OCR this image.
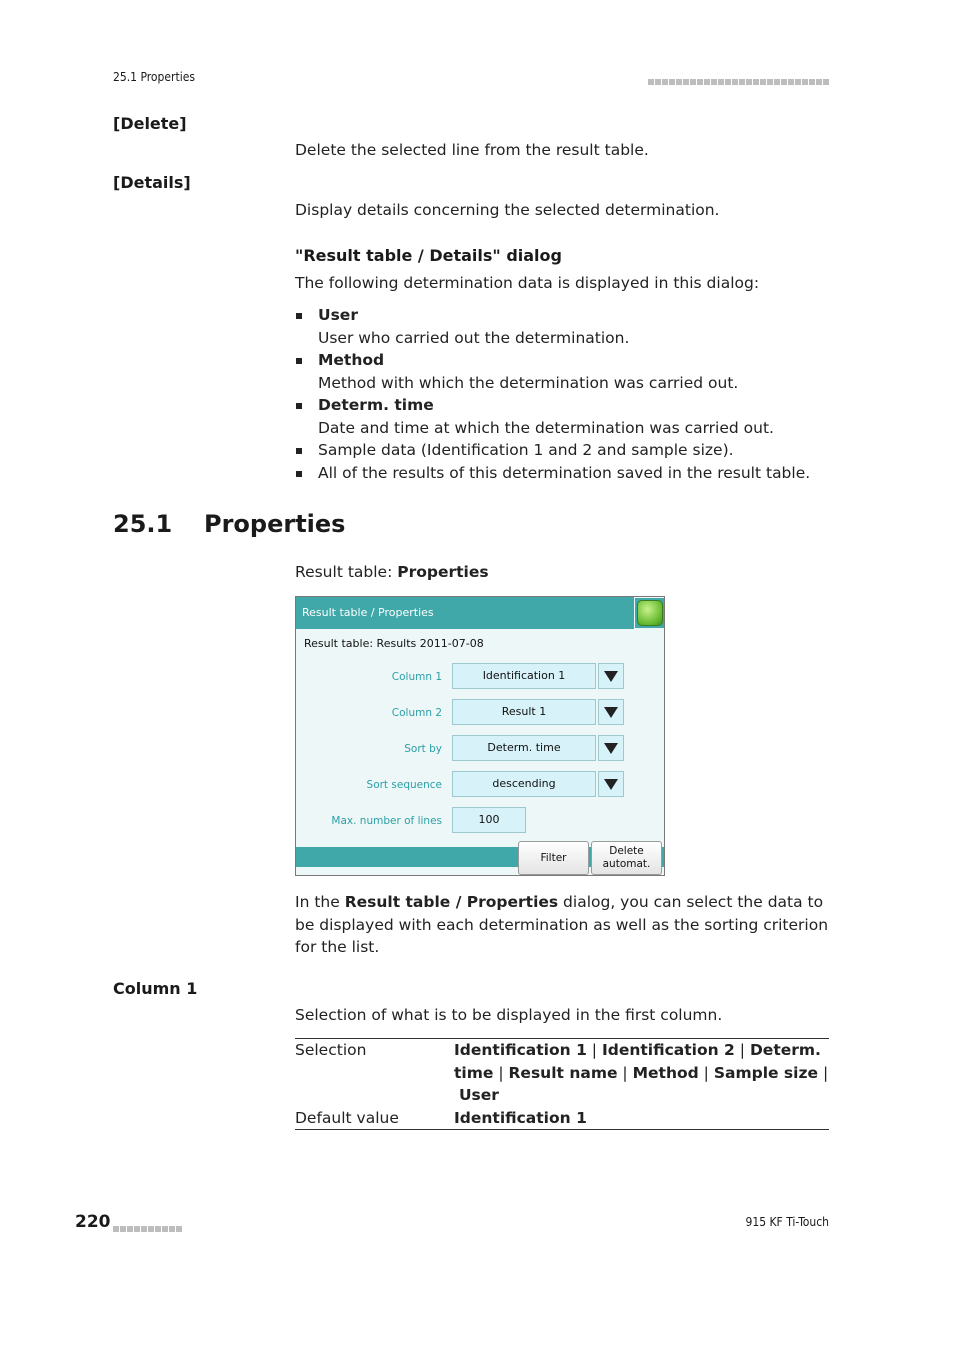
25.1 Properties
[Delete]
Delete the selected line from the result table.
[Details]
Display details concerning the selected determination.
"Result table / Details" dialog
The following determination data is displayed in this dialog:
User
User who carried out the determination.
Method
Method with which the determination was carried out.
Determ. time
Date and time at which the determination was carried out.
Sample data (Identification 1 and 2 and sample size).
All of the results of this determination saved in the result table.
25.1 Properties
Result table: Properties
Result table / Properties
Result table: Results 2011-07-08
Column 1	Identification 1
Column 2	Result 1
Sort by	Determ. time
Sort sequence	descending
Max. number of lines	100
Filter
Delete
automat.
In the Result table / Properties dialog, you can select the data to be displayed with each determination as well as the sorting criterion for the list.
Column 1
Selection of what is to be displayed in the first column.
Selection	Identification 1 | Identification 2 | Determ. time | Result name | Method | Sample size |
User
Default value	Identification 1
220	915 KF Ti-Touch
